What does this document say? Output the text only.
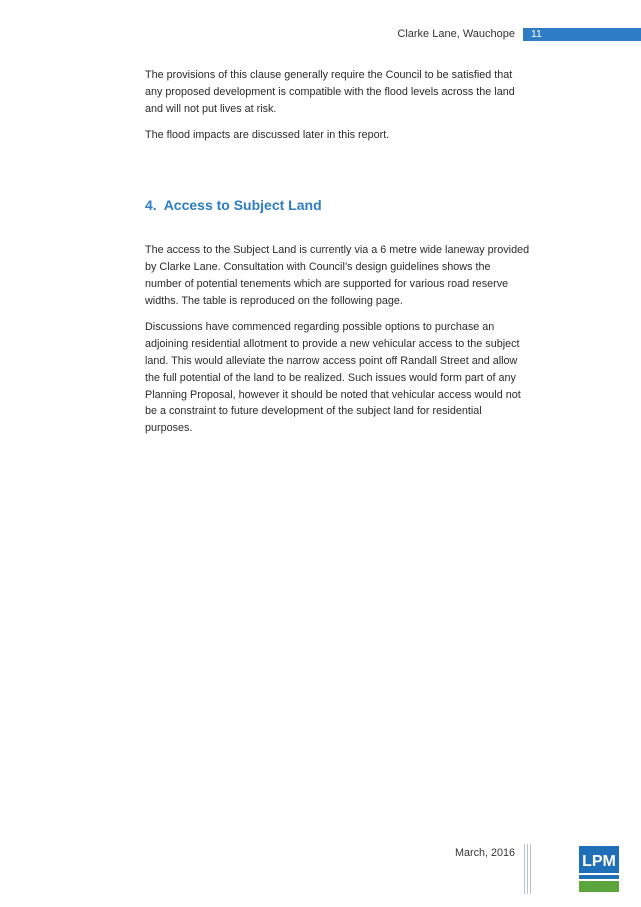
Clarke Lane, Wauchope 11

The provisions of this clause generally require the Council to be satisfied that any proposed development is compatible with the flood levels across the land and will not put lives at risk.

The flood impacts are discussed later in this report.

4. Access to Subject Land

The access to the Subject Land is currently via a 6 metre wide laneway provided by Clarke Lane. Consultation with Council’s design guidelines shows the number of potential tenements which are supported for various road reserve widths. The table is reproduced on the following page.

Discussions have commenced regarding possible options to purchase an adjoining residential allotment to provide a new vehicular access to the subject land. This would alleviate the narrow access point off Randall Street and allow the full potential of the land to be realized. Such issues would form part of any Planning Proposal, however it should be noted that vehicular access would not be a constraint to future development of the subject land for residential purposes.

March, 2016	LPM
